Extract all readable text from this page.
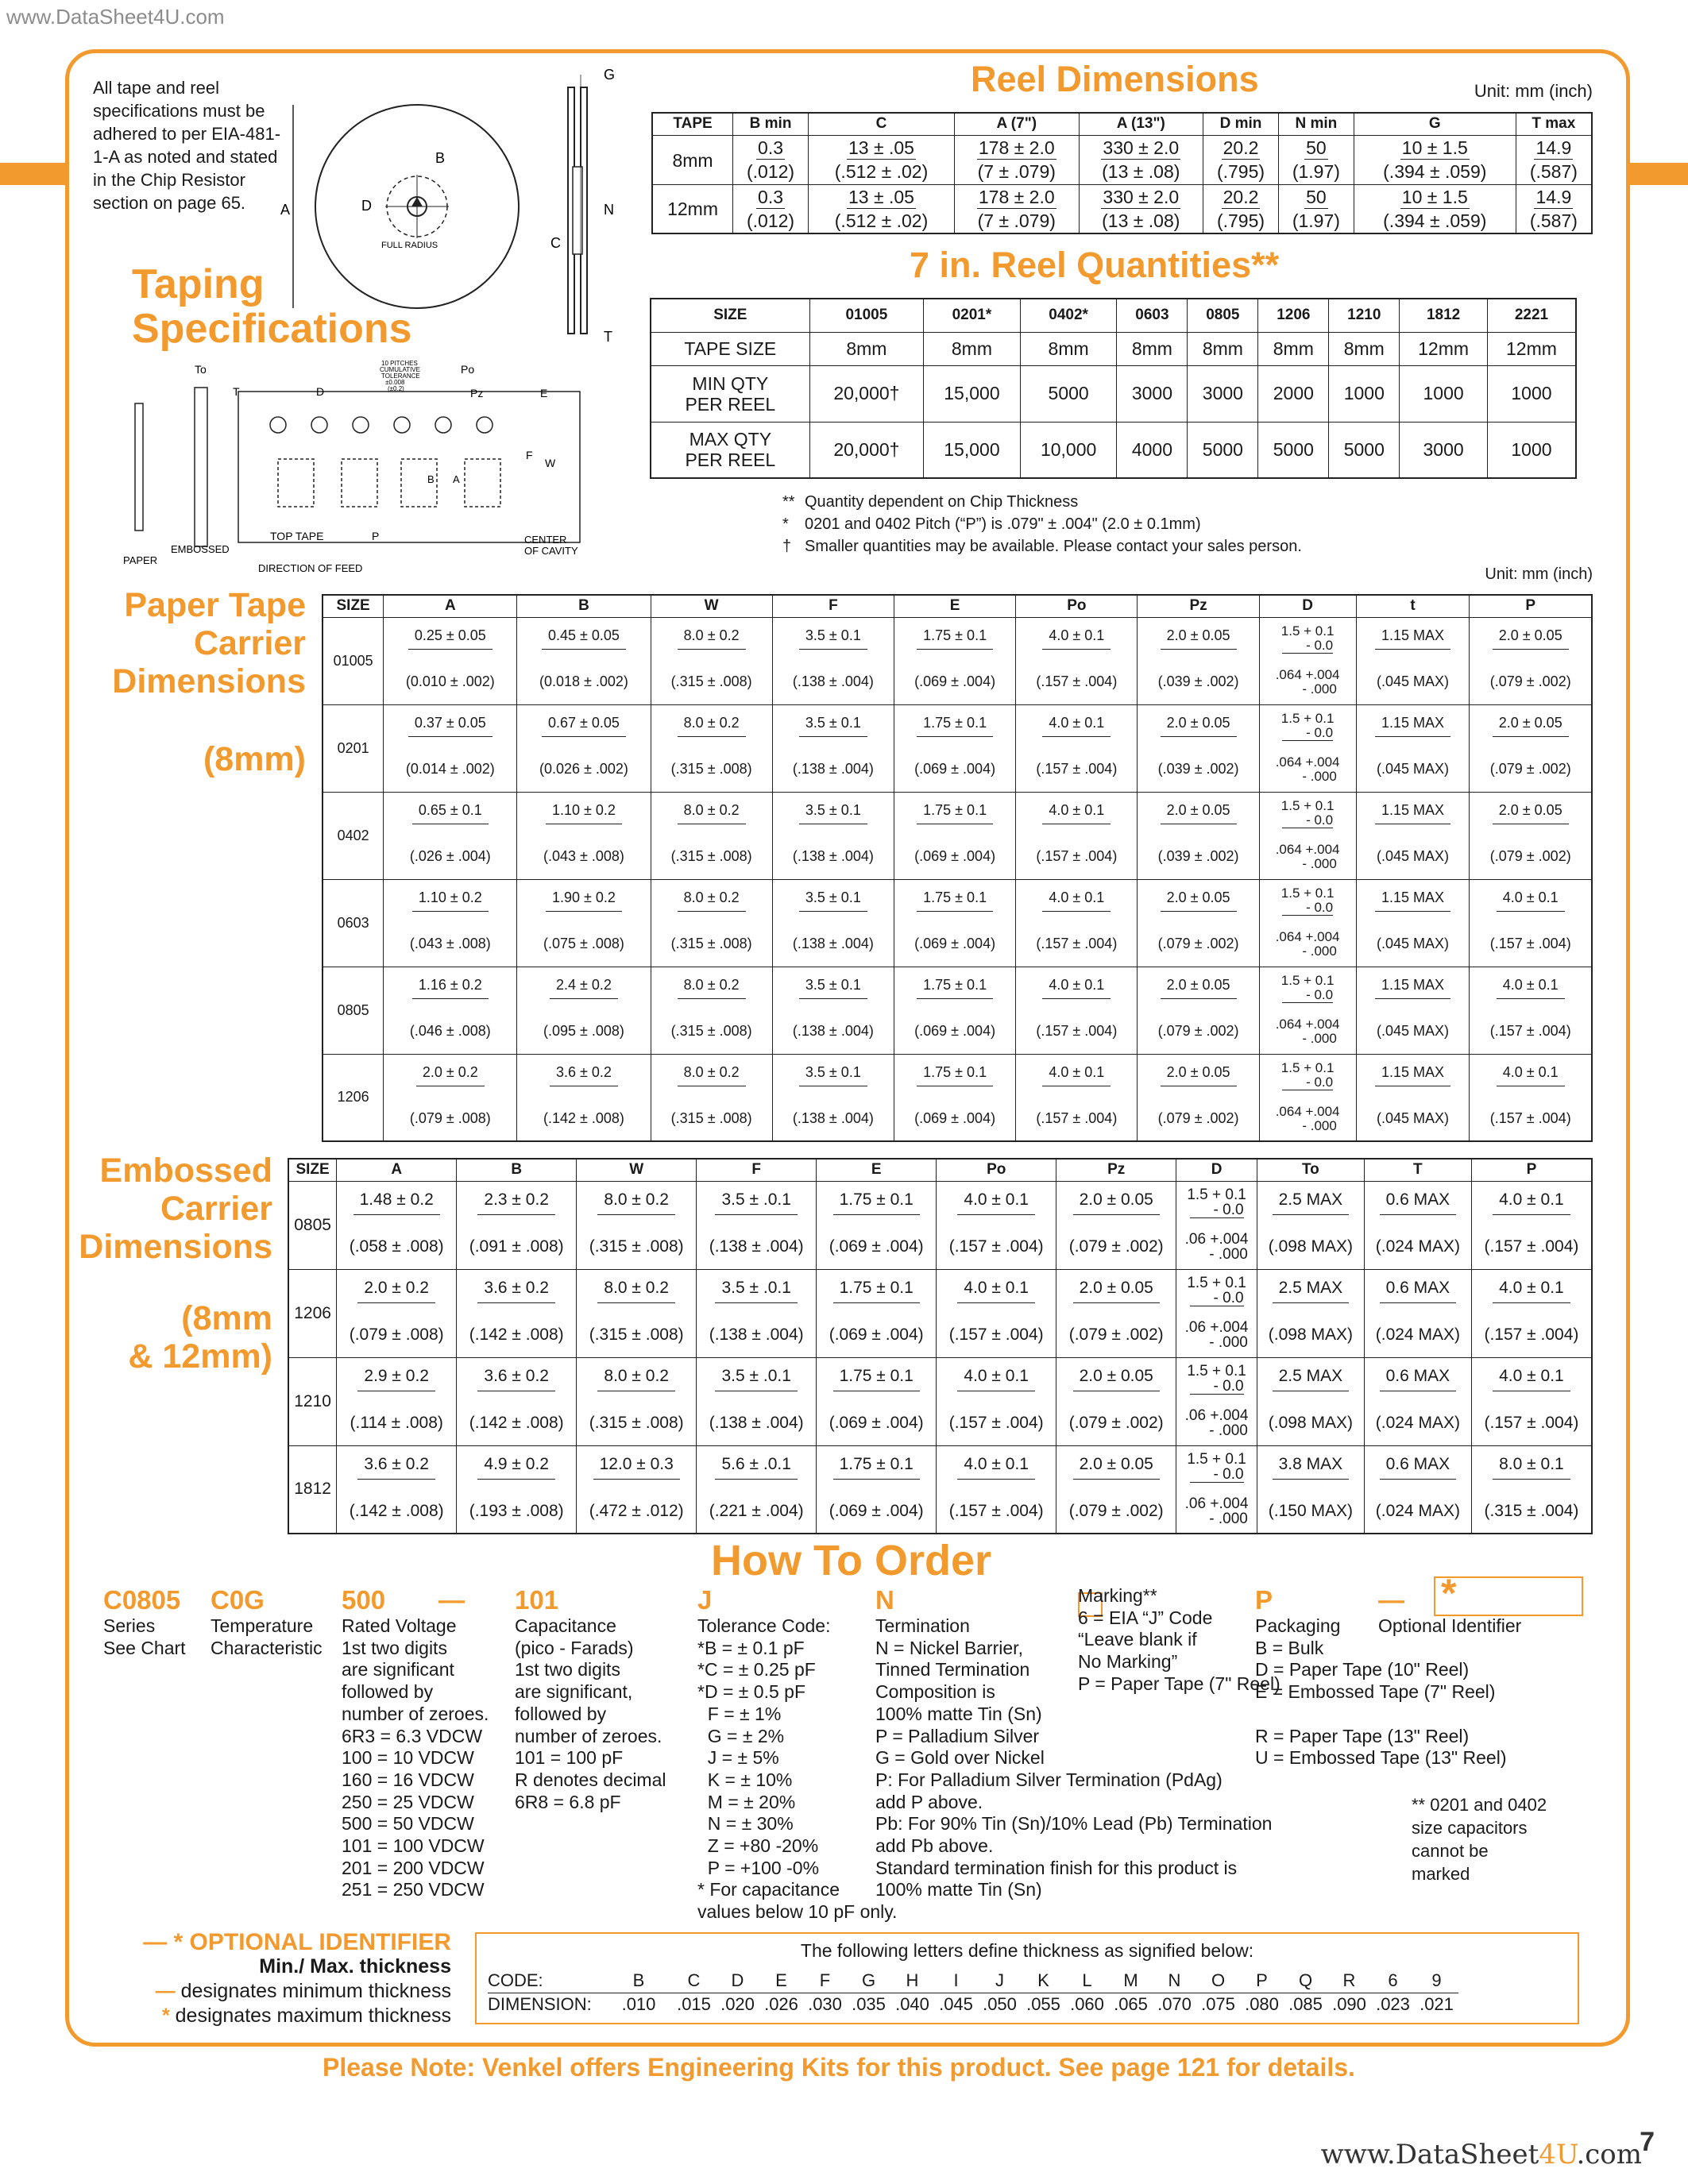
www.DataSheet4U.com
All tape and reel specifications must be adhered to per EIA-481-1-A as noted and stated in the Chip Resistor section on page 65.
Taping
Specifications
A	D
B
FULL RADIUS
G
N
C
T
To
T	D
Po
Pz	E
F
W
B A
P
10 PITCHES
CUMULATIVE
TOLERANCE
±0.008
(±0.2)
TOP TAPE
EMBOSSED
PAPER
DIRECTION OF FEED
CENTER
OF CAVITY
Reel Dimensions	Unit: mm (inch)
TAPE	B min	C	A (7")	A (13")	D min	N min	G	T max
8mm	0.3	13 ± .05	178 ± 2.0	330 ± 2.0	20.2	50	10 ± 1.5	14.9
	(.012)	(.512 ± .02)	(7 ± .079)	(13 ± .08)	(.795)	(1.97)	(.394 ± .059)	(.587)
12mm	0.3	13 ± .05	178 ± 2.0	330 ± 2.0	20.2	50	10 ± 1.5	14.9
	(.012)	(.512 ± .02)	(7 ± .079)	(13 ± .08)	(.795)	(1.97)	(.394 ± .059)	(.587)
7 in. Reel Quantities**
SIZE	01005	0201*	0402*	0603	0805	1206	1210	1812	2221
TAPE SIZE	8mm	8mm	8mm	8mm	8mm	8mm	8mm	12mm	12mm

MIN QTY
PER REEL	20,000†	15,000	5000	3000	3000	2000	1000	1000	1000

MAX QTY
PER REEL	20,000†	15,000	10,000	4000	5000	5000	5000	3000	1000
** Quantity dependent on Chip Thickness
* 0201 and 0402 Pitch (“P”) is .079" ± .004" (2.0 ± 0.1mm)
† Smaller quantities may be available. Please contact your sales person.
Unit: mm (inch)
Paper Tape
Carrier
Dimensions
(8mm)
SIZE	A	B	W	F	E	Po	Pz	D	t	P
01005	0.25 ± 0.05	0.45 ± 0.05	8.0 ± 0.2	3.5 ± 0.1	1.75 ± 0.1	4.0 ± 0.1	2.0 ± 0.05	1.5 + 0.1
- 0.0	1.15 MAX	2.0 ± 0.05
	(0.010 ± .002)	(0.018 ± .002)	(.315 ± .008)	(.138 ± .004)	(.069 ± .004)	(.157 ± .004)	(.039 ± .002)	.064 +.004
- .000	(.045 MAX)	(.079 ± .002)
0201	0.37 ± 0.05	0.67 ± 0.05	8.0 ± 0.2	3.5 ± 0.1	1.75 ± 0.1	4.0 ± 0.1	2.0 ± 0.05	1.5 + 0.1
- 0.0	1.15 MAX	2.0 ± 0.05
	(0.014 ± .002)	(0.026 ± .002)	(.315 ± .008)	(.138 ± .004)	(.069 ± .004)	(.157 ± .004)	(.039 ± .002)	.064 +.004
- .000	(.045 MAX)	(.079 ± .002)
0402	0.65 ± 0.1	1.10 ± 0.2	8.0 ± 0.2	3.5 ± 0.1	1.75 ± 0.1	4.0 ± 0.1	2.0 ± 0.05	1.5 + 0.1
- 0.0	1.15 MAX	2.0 ± 0.05
	(.026 ± .004)	(.043 ± .008)	(.315 ± .008)	(.138 ± .004)	(.069 ± .004)	(.157 ± .004)	(.039 ± .002)	.064 +.004
- .000	(.045 MAX)	(.079 ± .002)
0603	1.10 ± 0.2	1.90 ± 0.2	8.0 ± 0.2	3.5 ± 0.1	1.75 ± 0.1	4.0 ± 0.1	2.0 ± 0.05	1.5 + 0.1
- 0.0	1.15 MAX	4.0 ± 0.1
	(.043 ± .008)	(.075 ± .008)	(.315 ± .008)	(.138 ± .004)	(.069 ± .004)	(.157 ± .004)	(.079 ± .002)	.064 +.004
- .000	(.045 MAX)	(.157 ± .004)
0805	1.16 ± 0.2	2.4 ± 0.2	8.0 ± 0.2	3.5 ± 0.1	1.75 ± 0.1	4.0 ± 0.1	2.0 ± 0.05	1.5 + 0.1
- 0.0	1.15 MAX	4.0 ± 0.1
	(.046 ± .008)	(.095 ± .008)	(.315 ± .008)	(.138 ± .004)	(.069 ± .004)	(.157 ± .004)	(.079 ± .002)	.064 +.004
- .000	(.045 MAX)	(.157 ± .004)
1206	2.0 ± 0.2	3.6 ± 0.2	8.0 ± 0.2	3.5 ± 0.1	1.75 ± 0.1	4.0 ± 0.1	2.0 ± 0.05	1.5 + 0.1
- 0.0	1.15 MAX	4.0 ± 0.1
	(.079 ± .008)	(.142 ± .008)	(.315 ± .008)	(.138 ± .004)	(.069 ± .004)	(.157 ± .004)	(.079 ± .002)	.064 +.004
- .000	(.045 MAX)	(.157 ± .004)
Embossed
Carrier
Dimensions
(8mm
& 12mm)
SIZE	A	B	W	F	E	Po	Pz	D	To	T	P
0805	1.48 ± 0.2	2.3 ± 0.2	8.0 ± 0.2	3.5 ± .0.1	1.75 ± 0.1	4.0 ± 0.1	2.0 ± 0.05	1.5 + 0.1
- 0.0	2.5 MAX	0.6 MAX	4.0 ± 0.1
	(.058 ± .008)	(.091 ± .008)	(.315 ± .008)	(.138 ± .004)	(.069 ± .004)	(.157 ± .004)	(.079 ± .002)	.06 +.004
- .000	(.098 MAX)	(.024 MAX)	(.157 ± .004)
1206	2.0 ± 0.2	3.6 ± 0.2	8.0 ± 0.2	3.5 ± .0.1	1.75 ± 0.1	4.0 ± 0.1	2.0 ± 0.05	1.5 + 0.1
- 0.0	2.5 MAX	0.6 MAX	4.0 ± 0.1
	(.079 ± .008)	(.142 ± .008)	(.315 ± .008)	(.138 ± .004)	(.069 ± .004)	(.157 ± .004)	(.079 ± .002)	.06 +.004
- .000	(.098 MAX)	(.024 MAX)	(.157 ± .004)
1210	2.9 ± 0.2	3.6 ± 0.2	8.0 ± 0.2	3.5 ± .0.1	1.75 ± 0.1	4.0 ± 0.1	2.0 ± 0.05	1.5 + 0.1
- 0.0	2.5 MAX	0.6 MAX	4.0 ± 0.1
	(.114 ± .008)	(.142 ± .008)	(.315 ± .008)	(.138 ± .004)	(.069 ± .004)	(.157 ± .004)	(.079 ± .002)	.06 +.004
- .000	(.098 MAX)	(.024 MAX)	(.157 ± .004)
1812	3.6 ± 0.2	4.9 ± 0.2	12.0 ± 0.3	5.6 ± .0.1	1.75 ± 0.1	4.0 ± 0.1	2.0 ± 0.05	1.5 + 0.1
- 0.0	3.8 MAX	0.6 MAX	8.0 ± 0.1
	(.142 ± .008)	(.193 ± .008)	(.472 ± .012)	(.221 ± .004)	(.069 ± .004)	(.157 ± .004)	(.079 ± .002)	.06 +.004
- .000	(.150 MAX)	(.024 MAX)	(.315 ± .004)
How To Order
*
C0805
Series
See Chart
C0G
Temperature
Characteristic
500
Rated Voltage
1st two digits
are significant
followed by
number of zeroes.
6R3 = 6.3 VDCW
100 = 10 VDCW
160 = 16 VDCW
250 = 25 VDCW
500 = 50 VDCW
101 = 100 VDCW
201 = 200 VDCW
251 = 250 VDCW
— 101
Capacitance
(pico - Farads)
1st two digits
are significant,
followed by
number of zeroes.
101 = 100 pF
R denotes decimal
6R8 = 6.8 pF
J
Tolerance Code:
*B = ± 0.1 pF
*C = ± 0.25 pF
*D = ± 0.5 pF
F = ± 1%
G = ± 2%
J = ± 5%
K = ± 10%
M = ± 20%
N = ± 30%
Z = +80 -20%
P = +100 -0%
* For capacitance
values below 10 pF only.
N
Termination
N = Nickel Barrier,
Tinned Termination
Composition is
100% matte Tin (Sn)
P = Palladium Silver
G = Gold over Nickel
P: For Palladium Silver Termination (PdAg)
add P above.
Pb: For 90% Tin (Sn)/10% Lead (Pb) Termination
add Pb above.
Standard termination finish for this product is
100% matte Tin (Sn)
Marking**
6 = EIA “J” Code
“Leave blank if
No Marking”
P = Paper Tape (7" Reel)
P
Packaging
B = Bulk
D = Paper Tape (10" Reel)
E = Embossed Tape (7" Reel)
R = Paper Tape (13" Reel)
U = Embossed Tape (13" Reel)
—
Optional Identifier
** 0201 and 0402
size capacitors
cannot be
marked
— * OPTIONAL IDENTIFIER
Min./ Max. thickness
— designates minimum thickness
* designates maximum thickness
The following letters define thickness as signified below:
CODE:	B	C	D	E	F	G	H	I	J	K	L	M	N	O	P	Q	R	6	9
DIMENSION:	.010	.015	.020	.026	.030	.035	.040	.045	.050	.055	.060	.065	.070	.075	.080	.085	.090	.023	.021
Please Note: Venkel offers Engineering Kits for this product. See page 121 for details.
www.DataSheet4U.com
7
